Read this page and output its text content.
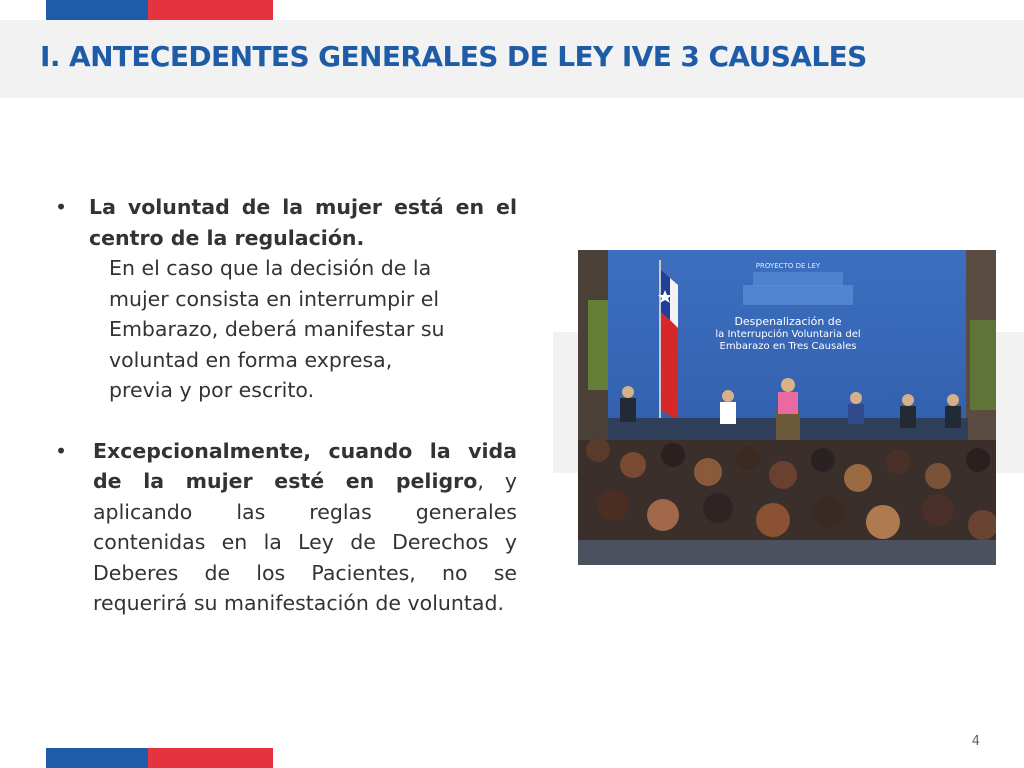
I. ANTECEDENTES GENERALES DE LEY IVE 3 CAUSALES
• La voluntad de la mujer está en el centro de la regulación.
En el caso que la decisión de la
mujer consista en interrumpir el
Embarazo, deberá manifestar su
voluntad en forma expresa,
previa y por escrito.
• Excepcionalmente, cuando la vida de la mujer esté en peligro, y aplicando las reglas generales contenidas en la Ley de Derechos y Deberes de los Pacientes, no se requerirá su manifestación de voluntad.
PROYECTO DE LEY
Despenalización de
la Interrupción Voluntaria del
Embarazo en Tres Causales
4
